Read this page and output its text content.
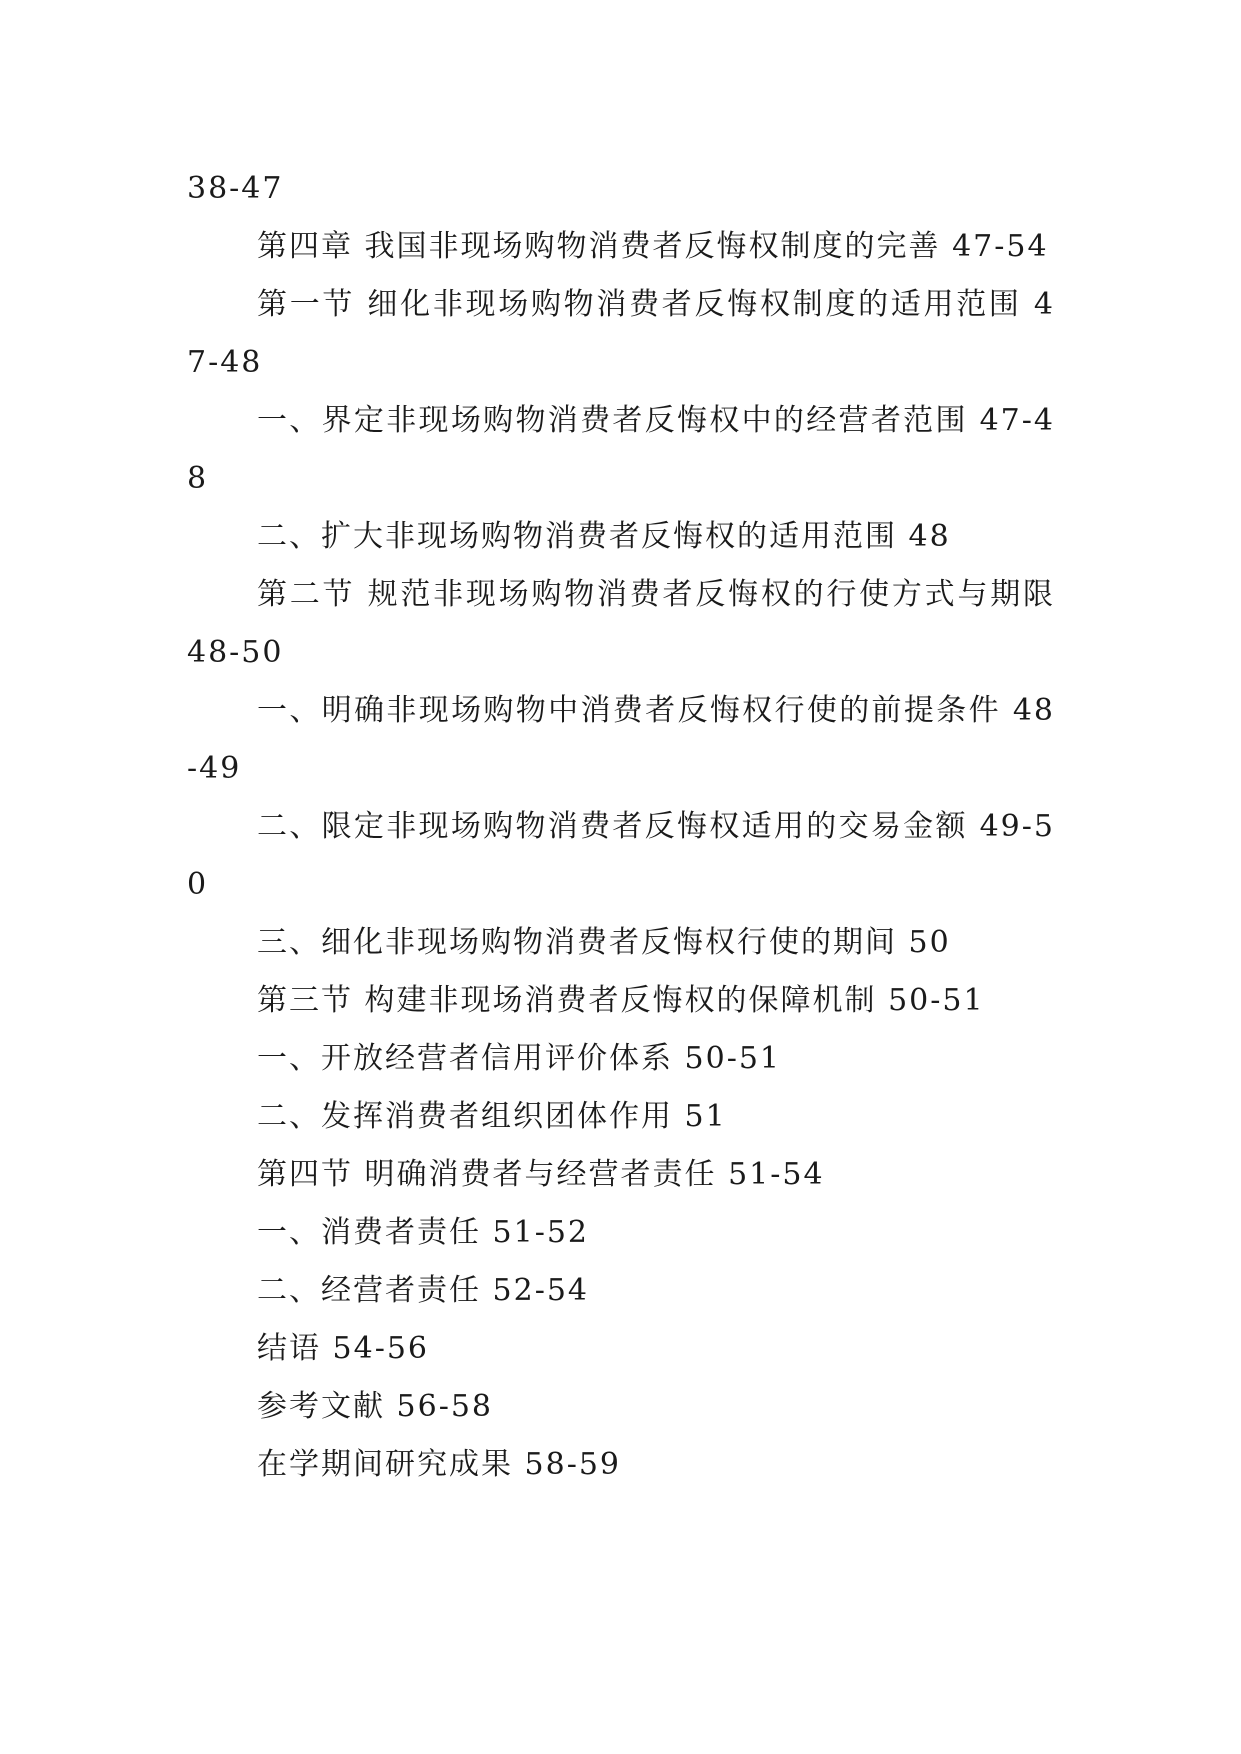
38-47
第四章 我国非现场购物消费者反悔权制度的完善 47-54
第一节 细化非现场购物消费者反悔权制度的适用范围 47-48
一、界定非现场购物消费者反悔权中的经营者范围 47-48
二、扩大非现场购物消费者反悔权的适用范围 48
第二节 规范非现场购物消费者反悔权的行使方式与期限 48-50
一、明确非现场购物中消费者反悔权行使的前提条件 48-49
二、限定非现场购物消费者反悔权适用的交易金额 49-50
三、细化非现场购物消费者反悔权行使的期间 50
第三节 构建非现场消费者反悔权的保障机制 50-51
一、开放经营者信用评价体系 50-51
二、发挥消费者组织团体作用 51
第四节 明确消费者与经营者责任 51-54
一、消费者责任 51-52
二、经营者责任 52-54
结语 54-56
参考文献 56-58
在学期间研究成果 58-59
